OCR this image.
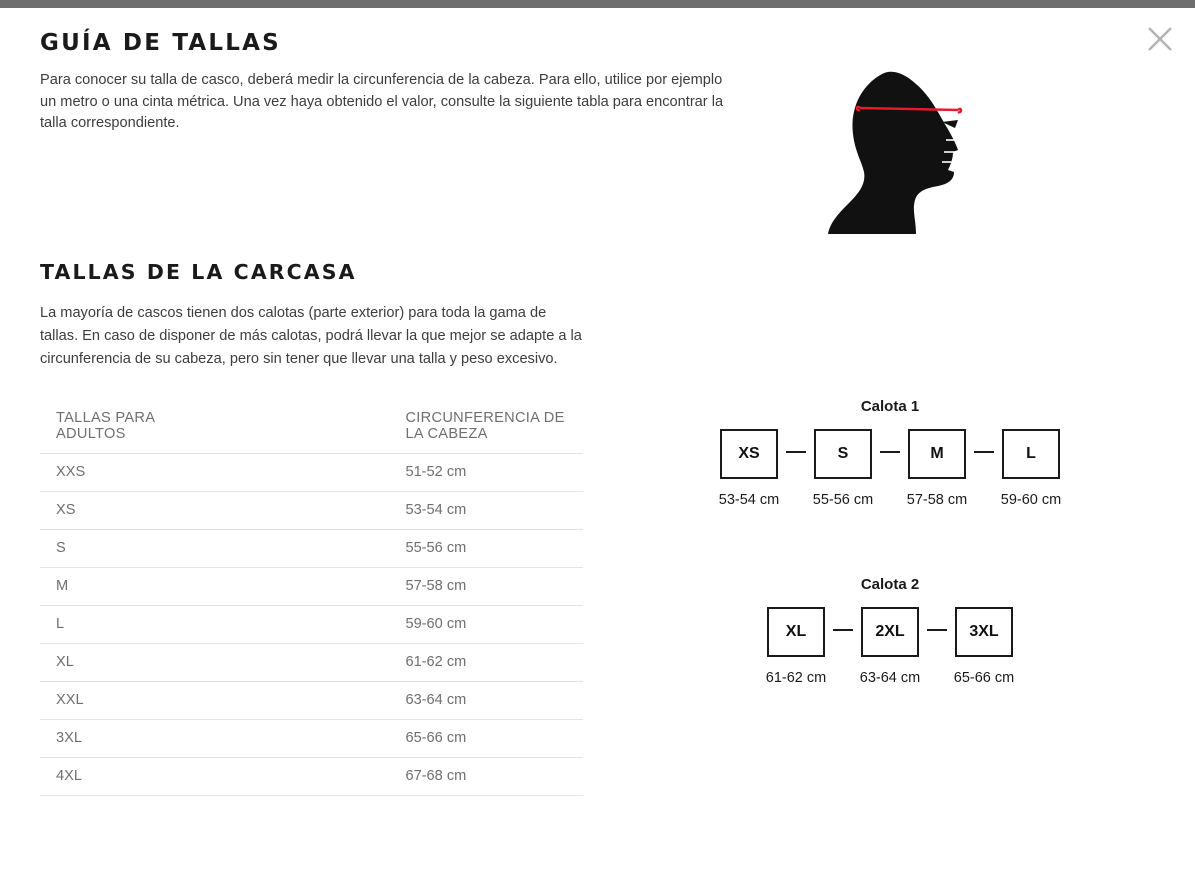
GUÍA DE TALLAS

Para conocer su talla de casco, deberá medir la circunferencia de la cabeza. Para ello, utilice por ejemplo un metro o una cinta métrica. Una vez haya obtenido el valor, consulte la siguiente tabla para encontrar la talla correspondiente.

TALLAS DE LA CARCASA

La mayoría de cascos tienen dos calotas (parte exterior) para toda la gama de tallas. En caso de disponer de más calotas, podrá llevar la que mejor se adapte a la circunferencia de su cabeza, pero sin tener que llevar una talla y peso excesivo.

TALLAS PARA ADULTOS	CIRCUNFERENCIA DE LA CABEZA
XXS	51-52 cm
XS	53-54 cm
S	55-56 cm
M	57-58 cm
L	59-60 cm
XL	61-62 cm
XXL	63-64 cm
3XL	65-66 cm
4XL	67-68 cm
Calota 1
XS
53-54 cm
S
55-56 cm
M
57-58 cm
L
59-60 cm
Calota 2
XL
61-62 cm
2XL
63-64 cm
3XL
65-66 cm
